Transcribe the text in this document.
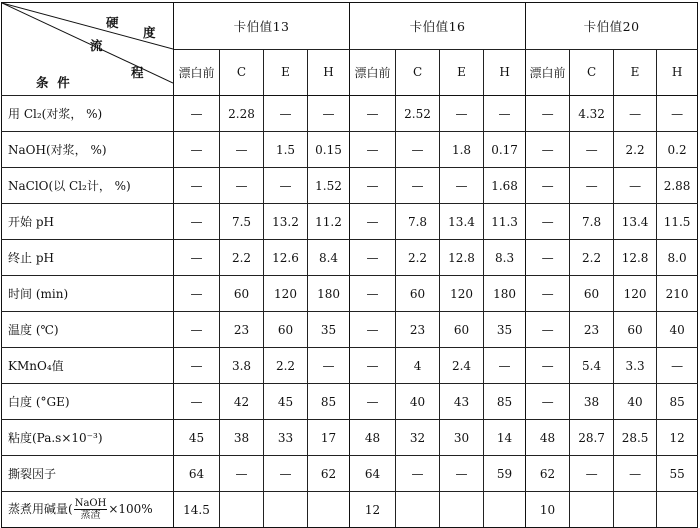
硬
度
流
程
条  件	卡伯值13				卡伯值16				卡伯值20			
	漂白前	C	E	H	漂白前	C	E	H	漂白前	C	E	H
用 Cl₂(对浆， %)	—	2.28	—	—	—	2.52	—	—	—	4.32	—	—
NaOH(对浆， %)	—	—	1.5	0.15	—	—	1.8	0.17	—	—	2.2	0.2
NaClO(以 Cl₂计， %)	—	—	—	1.52	—	—	—	1.68	—	—	—	2.88
开始 pH	—	7.5	13.2	11.2	—	7.8	13.4	11.3	—	7.8	13.4	11.5
终止 pH	—	2.2	12.6	8.4	—	2.2	12.8	8.3	—	2.2	12.8	8.0
时间 (min)	—	60	120	180	—	60	120	180	—	60	120	210
温度 (℃)	—	23	60	35	—	23	60	35	—	23	60	40
KMnO₄值	—	3.8	2.2	—	—	4	2.4	—	—	5.4	3.3	—
白度 (°GE)	—	42	45	85	—	40	43	85	—	38	40	85
粘度(Pa.s×10⁻³)	45	38	33	17	48	32	30	14	48	28.7	28.5	12
撕裂因子	64	—	—	62	64	—	—	59	62	—	—	55
蒸煮用碱量( $\frac{\text{NaOH}}{\text{蒸渣}} \times 100\%$	14.5				12				10			
